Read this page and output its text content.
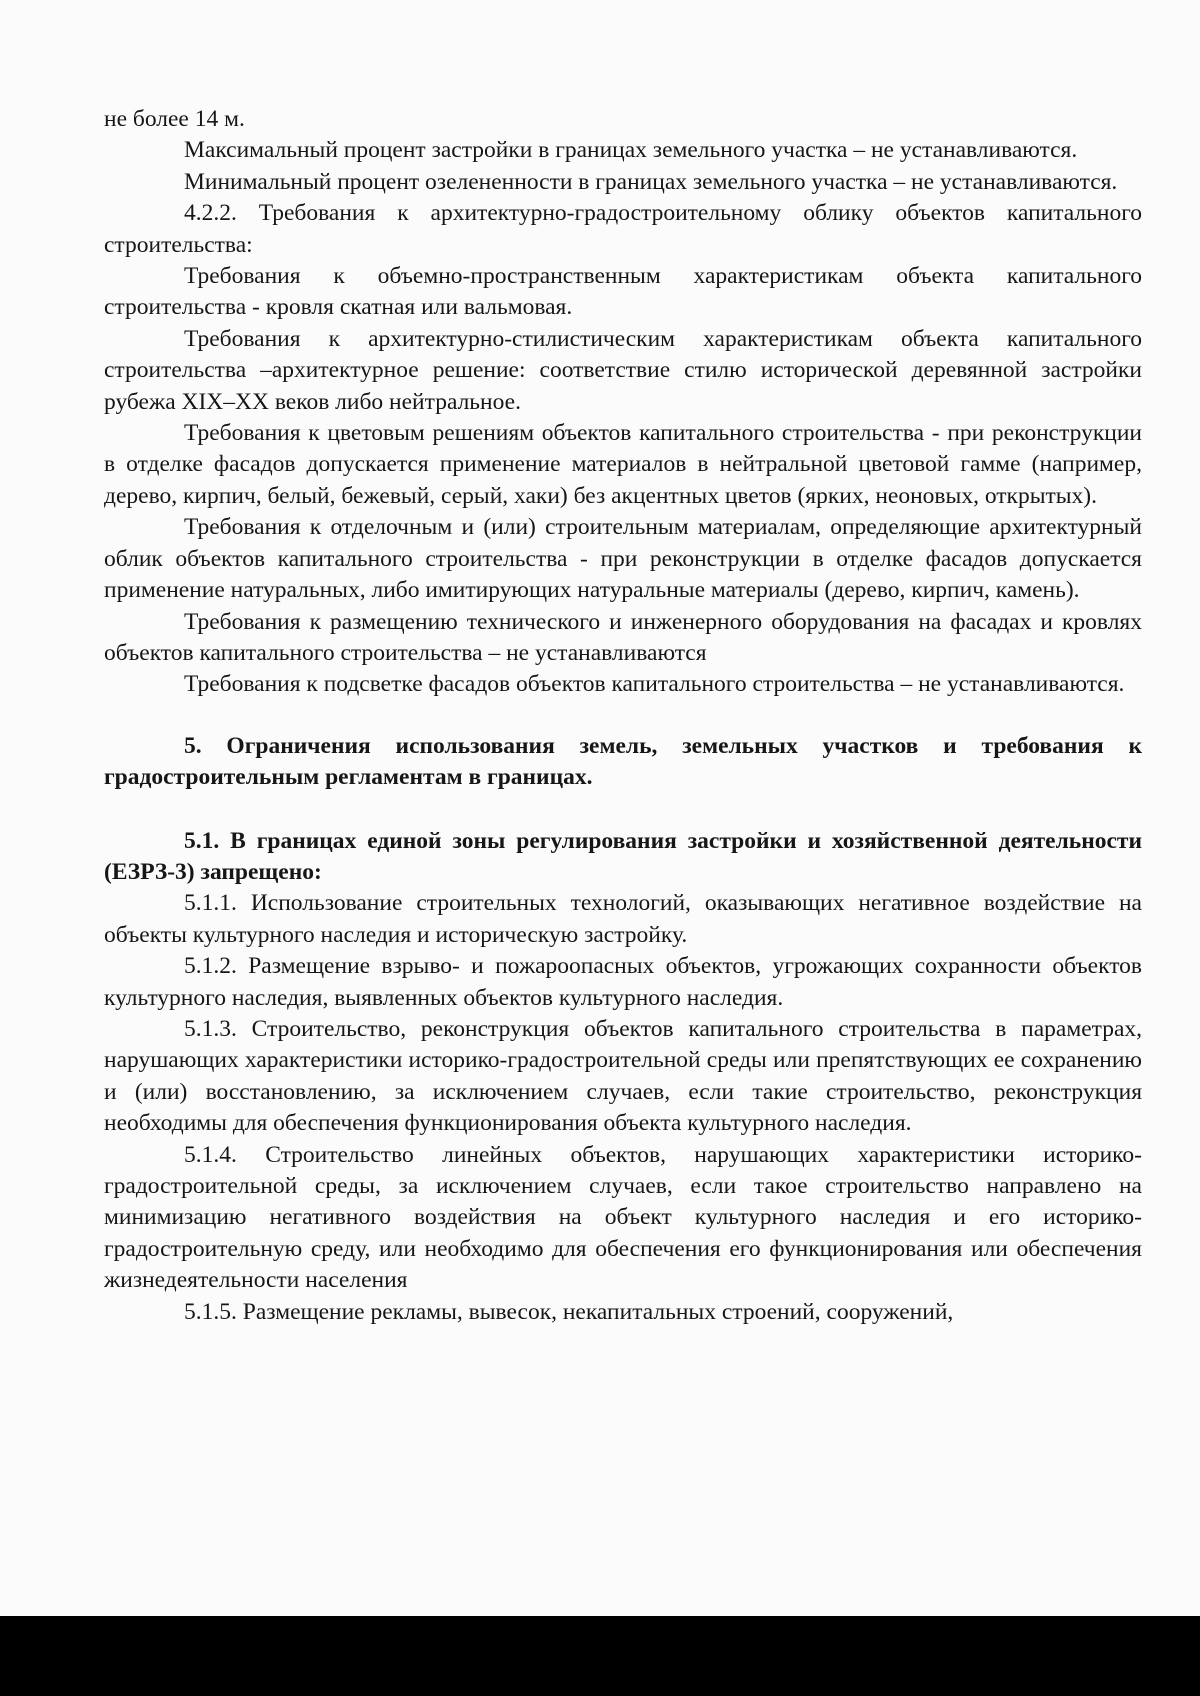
не более 14 м.

Максимальный процент застройки в границах земельного участка – не устанавливаются.

Минимальный процент озелененности в границах земельного участка – не устанавливаются.

4.2.2. Требования к архитектурно-градостроительному облику объектов капитального строительства:

Требования к объемно-пространственным характеристикам объекта капитального строительства - кровля скатная или вальмовая.

Требования к архитектурно-стилистическим характеристикам объекта капитального строительства –архитектурное решение: соответствие стилю исторической деревянной застройки рубежа XIX–XX веков либо нейтральное.

Требования к цветовым решениям объектов капитального строительства - при реконструкции в отделке фасадов допускается применение материалов в нейтральной цветовой гамме (например, дерево, кирпич, белый, бежевый, серый, хаки) без акцентных цветов (ярких, неоновых, открытых).

Требования к отделочным и (или) строительным материалам, определяющие архитектурный облик объектов капитального строительства - при реконструкции в отделке фасадов допускается применение натуральных, либо имитирующих натуральные материалы (дерево, кирпич, камень).

Требования к размещению технического и инженерного оборудования на фасадах и кровлях объектов капитального строительства – не устанавливаются

Требования к подсветке фасадов объектов капитального строительства – не устанавливаются.

5. Ограничения использования земель, земельных участков и требования к градостроительным регламентам в границах.
5.1. В границах единой зоны регулирования застройки и хозяйственной деятельности (ЕЗРЗ-3) запрещено:

5.1.1. Использование строительных технологий, оказывающих негативное воздействие на объекты культурного наследия и историческую застройку.

5.1.2. Размещение взрыво- и пожароопасных объектов, угрожающих сохранности объектов культурного наследия, выявленных объектов культурного наследия.

5.1.3. Строительство, реконструкция объектов капитального строительства в параметрах, нарушающих характеристики историко-градостроительной среды или препятствующих ее сохранению и (или) восстановлению, за исключением случаев, если такие строительство, реконструкция необходимы для обеспечения функционирования объекта культурного наследия.

5.1.4. Строительство линейных объектов, нарушающих характеристики историко-градостроительной среды, за исключением случаев, если такое строительство направлено на минимизацию негативного воздействия на объект культурного наследия и его историко-градостроительную среду, или необходимо для обеспечения его функционирования или обеспечения жизнедеятельности населения

5.1.5. Размещение рекламы, вывесок, некапитальных строений, сооружений,
